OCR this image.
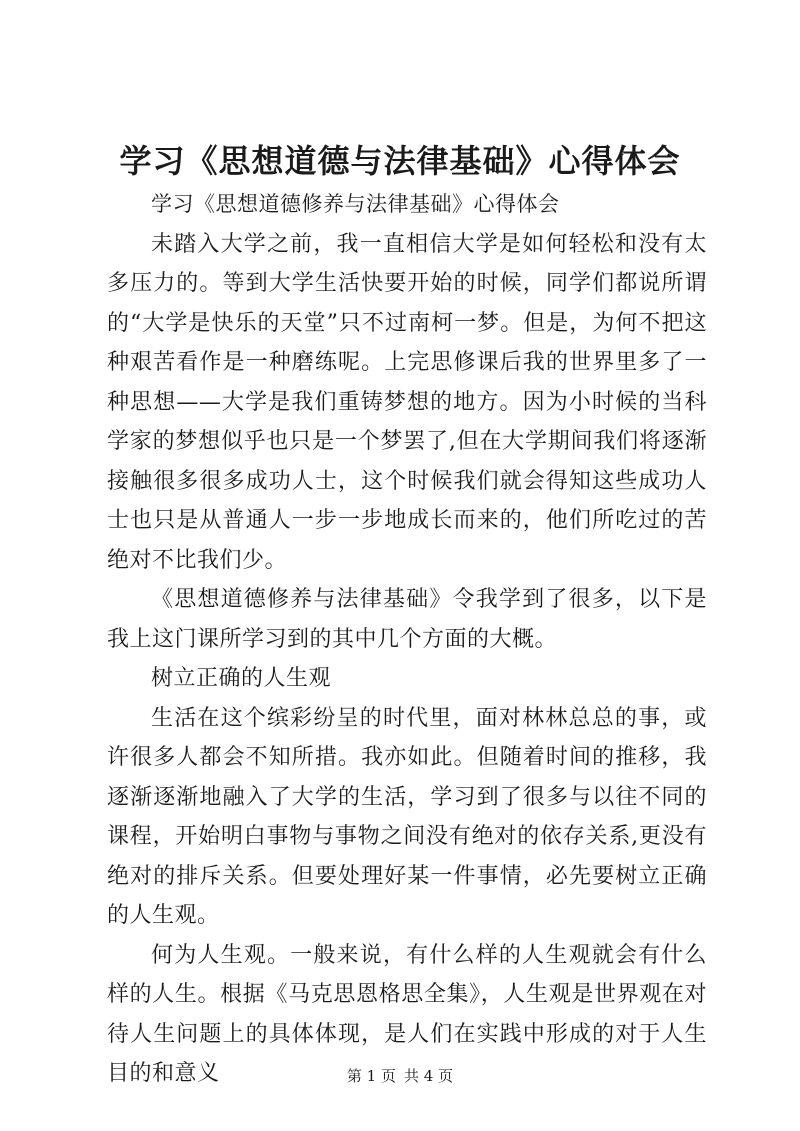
学习《思想道德与法律基础》心得体会

学习《思想道德修养与法律基础》心得体会

未踏入大学之前，我一直相信大学是如何轻松和没有太多压力的。等到大学生活快要开始的时候，同学们都说所谓的“大学是快乐的天堂”只不过南柯一梦。但是，为何不把这种艰苦看作是一种磨练呢。上完思修课后我的世界里多了一种思想——大学是我们重铸梦想的地方。因为小时候的当科学家的梦想似乎也只是一个梦罢了,但在大学期间我们将逐渐接触很多很多成功人士，这个时候我们就会得知这些成功人士也只是从普通人一步一步地成长而来的，他们所吃过的苦绝对不比我们少。

《思想道德修养与法律基础》令我学到了很多，以下是我上这门课所学习到的其中几个方面的大概。

树立正确的人生观

生活在这个缤彩纷呈的时代里，面对林林总总的事，或许很多人都会不知所措。我亦如此。但随着时间的推移，我逐渐逐渐地融入了大学的生活，学习到了很多与以往不同的课程，开始明白事物与事物之间没有绝对的依存关系,更没有绝对的排斥关系。但要处理好某一件事情，必先要树立正确的人生观。

何为人生观。一般来说，有什么样的人生观就会有什么样的人生。根据《马克思恩格思全集》，人生观是世界观在对待人生问题上的具体体现，是人们在实践中形成的对于人生目的和意义	第 1 页 共 4 页
